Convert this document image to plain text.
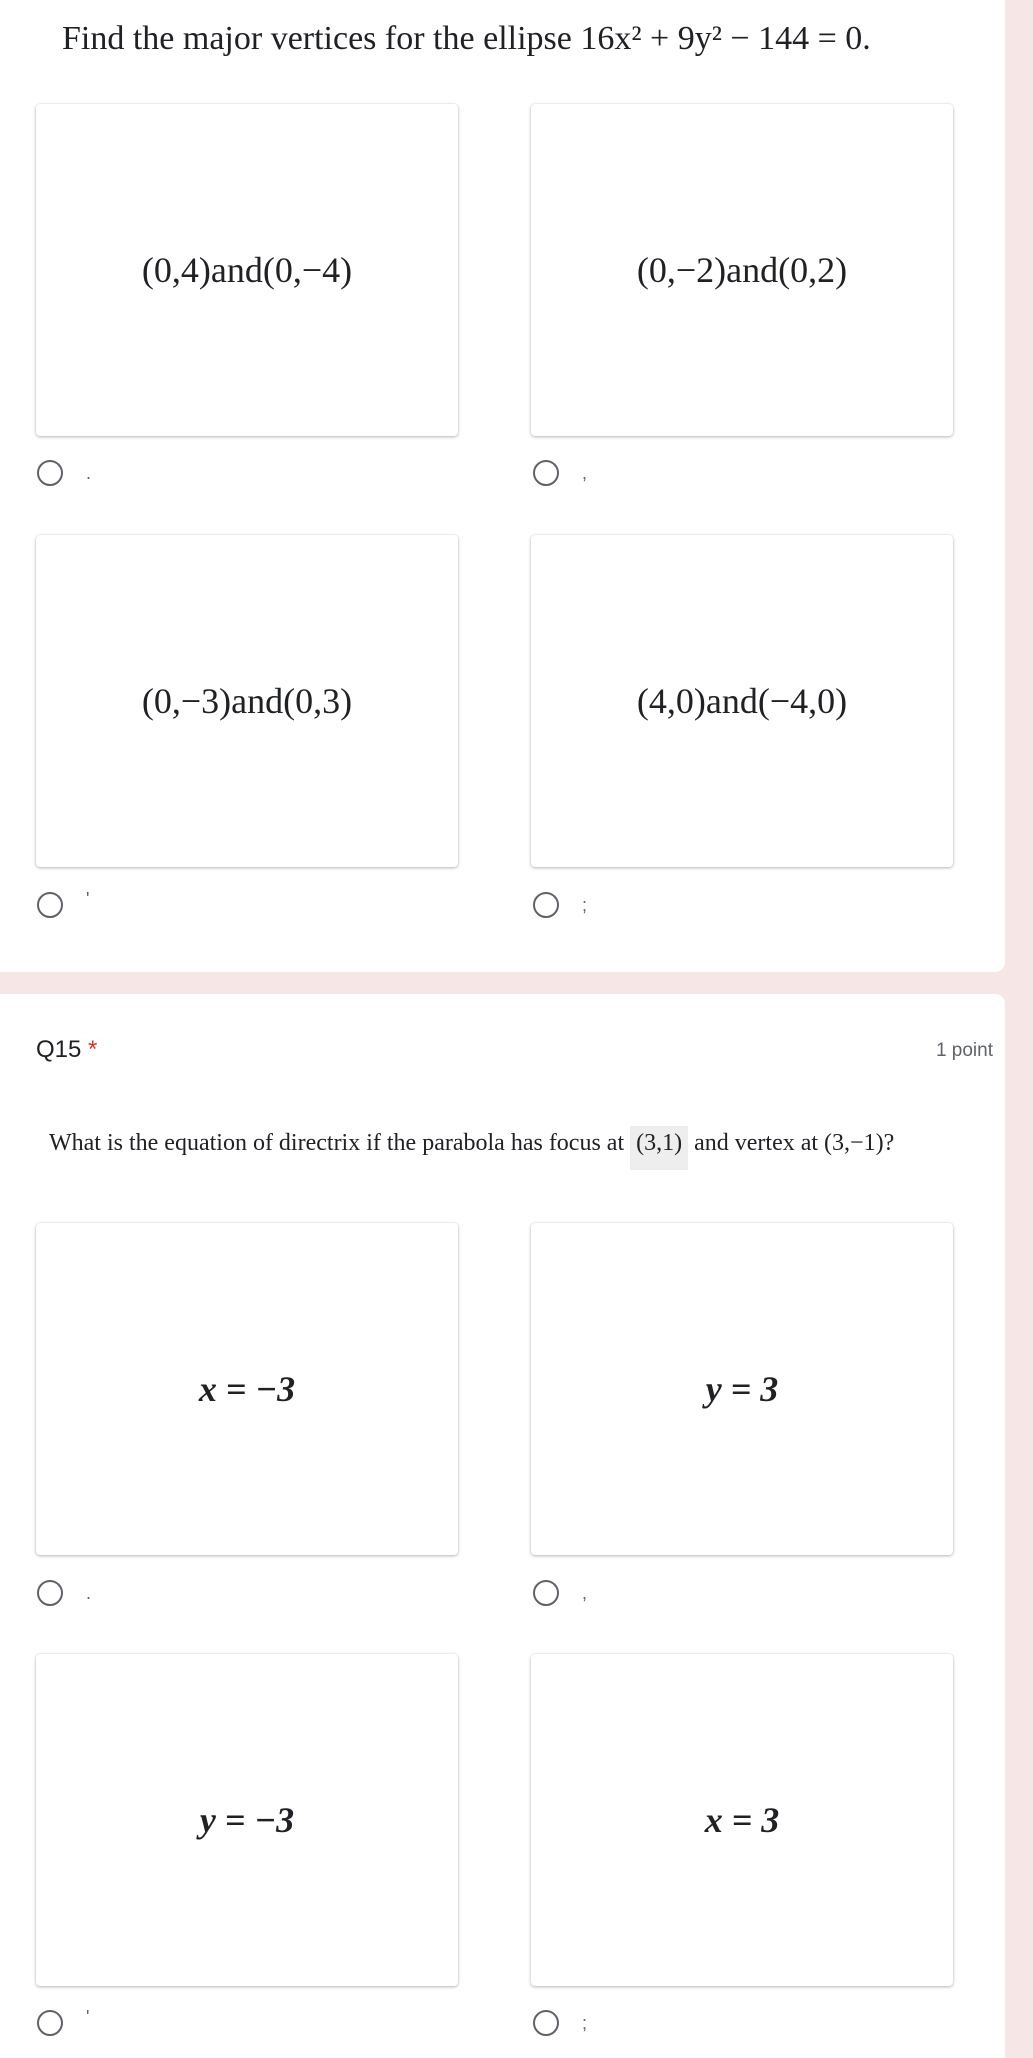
Find the major vertices for the ellipse 16x² + 9y² − 144 = 0.
(0,4)and(0,−4)	(0,−2)and(0,2)
.	,
(0,−3)and(0,3)	(4,0)and(−4,0)
'	;
Q15 *	1 point
What is the equation of directrix if the parabola has focus at (3,1) and vertex at (3,−1)?
x = −3	y = 3
.	,
y = −3	x = 3
'	;
